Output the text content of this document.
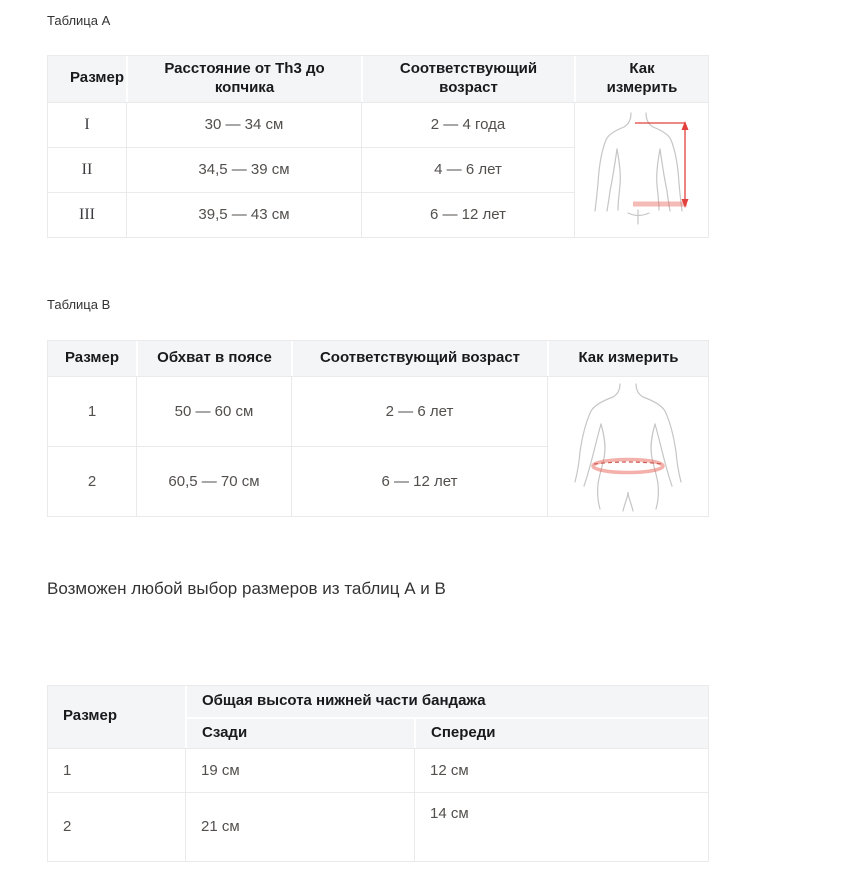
Таблица А

Размер	Расстояние от Th3 до копчика	Соответствующий возраст	Как измерить
I	30 — 34 см	2 — 4 года	

II	34,5 — 39 см	4 — 6 лет	
III	39,5 — 43 см	6 — 12 лет	

Таблица В

Размер	Обхват в поясе	Соответствующий возраст	Как измерить
1	50 — 60 см	2 — 6 лет	

2	60,5 — 70 см	6 — 12 лет	

Возможен любой выбор размеров из таблиц А и В

Размер	Общая высота нижней части бандажа	
	Сзади	Спереди
1	19 см	12 см
2	21 см	14 см
